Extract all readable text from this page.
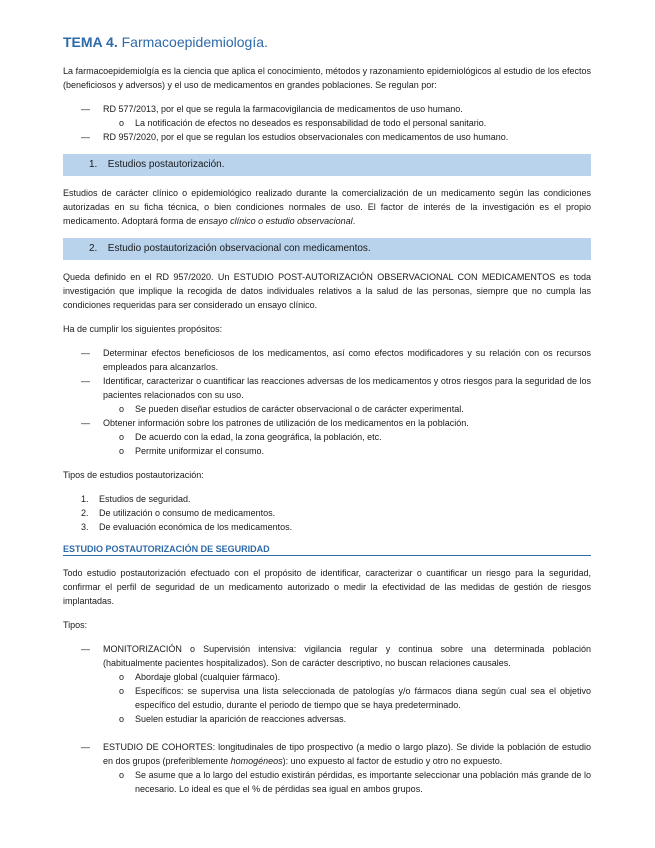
TEMA 4. Farmacoepidemiología.

La farmacoepidemiolgía es la ciencia que aplica el conocimiento, métodos y razonamiento epidemiológicos al estudio de los efectos (beneficiosos y adversos) y el uso de medicamentos en grandes poblaciones. Se regulan por:

— RD 577/2013, por el que se regula la farmacovigilancia de medicamentos de uso humano.
o La notificación de efectos no deseados es responsabilidad de todo el personal sanitario.
— RD 957/2020, por el que se regulan los estudios observacionales con medicamentos de uso humano.
1. Estudios postautorización.

Estudios de carácter clínico o epidemiológico realizado durante la comercialización de un medicamento según las condiciones autorizadas en su ficha técnica, o bien condiciones normales de uso. El factor de interés de la investigación es el propio medicamento. Adoptará forma de ensayo clínico o estudio observacional.

2. Estudio postautorización observacional con medicamentos.

Queda definido en el RD 957/2020. Un ESTUDIO POST-AUTORIZACIÓN OBSERVACIONAL CON MEDICAMENTOS es toda investigación que implique la recogida de datos individuales relativos a la salud de las personas, siempre que no cumpla las condiciones requeridas para ser considerado un ensayo clínico.

Ha de cumplir los siguientes propósitos:

— Determinar efectos beneficiosos de los medicamentos, así como efectos modificadores y su relación con os recursos empleados para alcanzarlos.
— Identificar, caracterizar o cuantificar las reacciones adversas de los medicamentos y otros riesgos para la seguridad de los pacientes relacionados con su uso.
o Se pueden diseñar estudios de carácter observacional o de carácter experimental.
— Obtener información sobre los patrones de utilización de los medicamentos en la población.
o De acuerdo con la edad, la zona geográfica, la población, etc.
o Permite uniformizar el consumo.

Tipos de estudios postautorización:

1. Estudios de seguridad.
2. De utilización o consumo de medicamentos.
3. De evaluación económica de los medicamentos.
ESTUDIO POSTAUTORIZACIÓN DE SEGURIDAD

Todo estudio postautorización efectuado con el propósito de identificar, caracterizar o cuantificar un riesgo para la seguridad, confirmar el perfil de seguridad de un medicamento autorizado o medir la efectividad de las medidas de gestión de riesgos implantadas.

Tipos:

— MONITORIZACIÓN o Supervisión intensiva: vigilancia regular y continua sobre una determinada población (habitualmente pacientes hospitalizados). Son de carácter descriptivo, no buscan relaciones causales.
o Abordaje global (cualquier fármaco).
o Específicos: se supervisa una lista seleccionada de patologías y/o fármacos diana según cual sea el objetivo específico del estudio, durante el periodo de tiempo que se haya predeterminado.
o Suelen estudiar la aparición de reacciones adversas.
— ESTUDIO DE COHORTES: longitudinales de tipo prospectivo (a medio o largo plazo). Se divide la población de estudio en dos grupos (preferiblemente homogéneos): uno expuesto al factor de estudio y otro no expuesto.
o Se asume que a lo largo del estudio existirán pérdidas, es importante seleccionar una población más grande de lo necesario. Lo ideal es que el % de pérdidas sea igual en ambos grupos.
